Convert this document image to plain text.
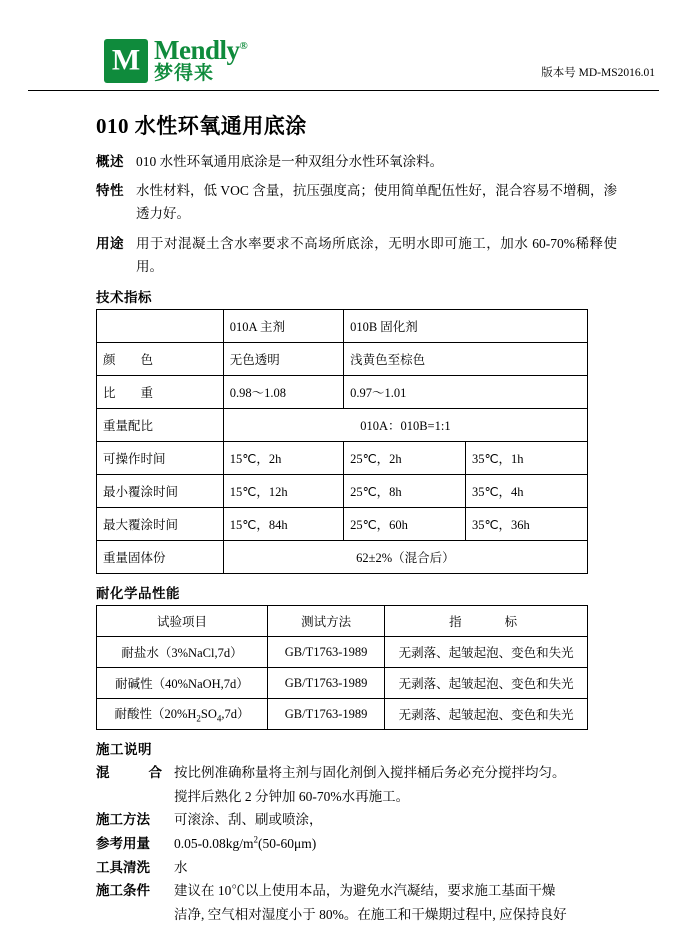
M
Mendly®
梦得来	版本号 MD-MS2016.01
010 水性环氧通用底涂
概述 010 水性环氧通用底涂是一种双组分水性环氧涂料。
特性 水性材料，低 VOC 含量，抗压强度高；使用简单配伍性好，混合容易不增稠，渗透力好。
用途 用于对混凝土含水率要求不高场所底涂，无明水即可施工，加水 60-70%稀释使用。
技术指标
	010A 主剂	010B 固化剂	
颜　　色	无色透明	浅黄色至棕色	
比　　重	0.98～1.08	0.97～1.01	
重量配比	010A：010B=1:1		
可操作时间	15℃，2h	25℃，2h	35℃，1h
最小覆涂时间	15℃，12h	25℃，8h	35℃，4h
最大覆涂时间	15℃，84h	25℃，60h	35℃，36h
重量固体份	62±2%（混合后）		
耐化学品性能
试验项目	测试方法	指　　标
耐盐水（3%NaCl,7d）	GB/T1763-1989	无剥落、起皱起泡、变色和失光
耐碱性（40%NaOH,7d）	GB/T1763-1989	无剥落、起皱起泡、变色和失光
耐酸性$(20\%H_2SO_4,7d)$	GB/T1763-1989	无剥落、起皱起泡、变色和失光
施工说明
混　　合 按比例准确称量将主剂与固化剂倒入搅拌桶后务必充分搅拌均匀。
搅拌后熟化 2 分钟加 60-70%水再施工。
施工方法	可滚涂、刮、刷或喷涂，
参考用量	$0.05-0.08kg/m^2(50-60\mu m)$
工具清洗	水
施工条件	建议在 10℃以上使用本品，为避免水汽凝结，要求施工基面干燥
洁净, 空气相对湿度小于 80%。在施工和干燥期过程中, 应保持良好
